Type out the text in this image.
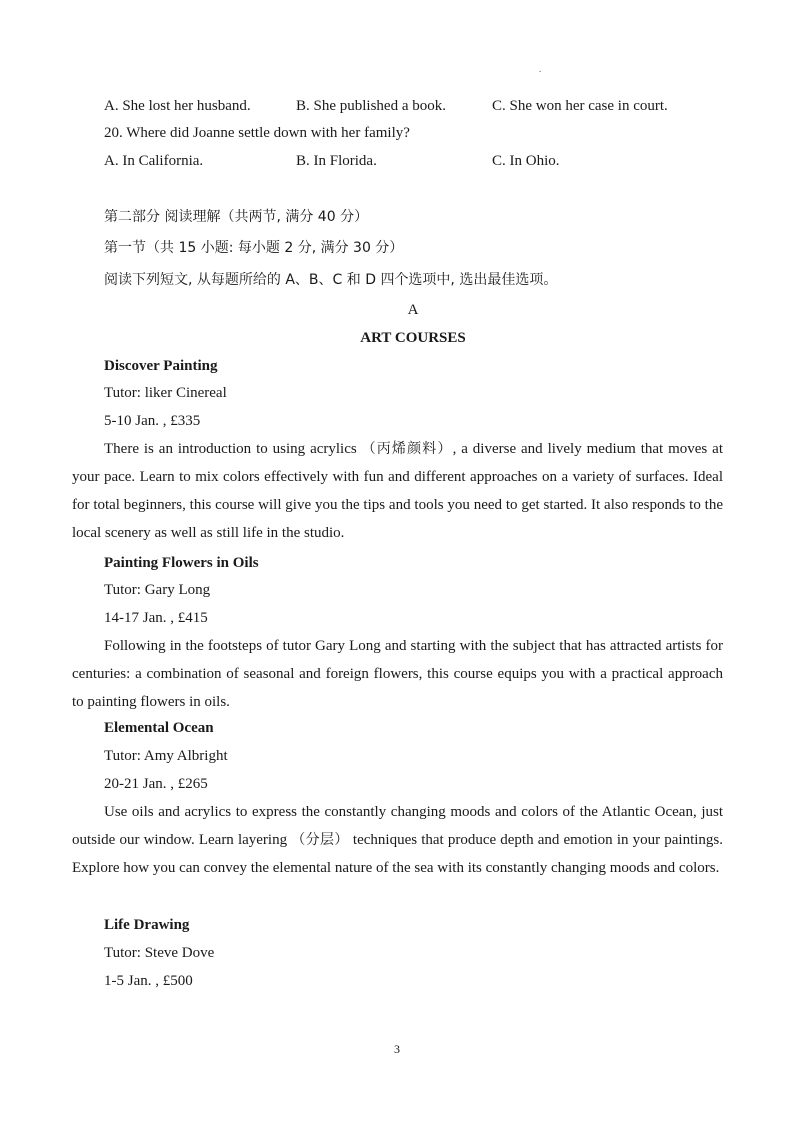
.
A. She lost her husband.	B. She published a book.	C. She won her case in court.
20. Where did Joanne settle down with her family?
A. In California.	B. In Florida.	C. In Ohio.
第二部分 阅读理解（共两节, 满分 40 分）
第一节（共 15 小题: 每小题 2 分, 满分 30 分）
阅读下列短文, 从每题所给的 A、B、C 和 D 四个选项中, 选出最佳选项。
A
ART COURSES
Discover Painting
Tutor: liker Cinereal
5-10 Jan. , £335
There is an introduction to using acrylics （丙烯颜料）, a diverse and lively medium that moves at your pace. Learn to mix colors effectively with fun and different approaches on a variety of surfaces. Ideal for total beginners, this course will give you the tips and tools you need to get started. It also responds to the local scenery as well as still life in the studio.
Painting Flowers in Oils
Tutor: Gary Long
14-17 Jan. , £415
Following in the footsteps of tutor Gary Long and starting with the subject that has attracted artists for centuries: a combination of seasonal and foreign flowers, this course equips you with a practical approach to painting flowers in oils.
Elemental Ocean
Tutor: Amy Albright
20-21 Jan. , £265
Use oils and acrylics to express the constantly changing moods and colors of the Atlantic Ocean, just outside our window. Learn layering （分层） techniques that produce depth and emotion in your paintings. Explore how you can convey the elemental nature of the sea with its constantly changing moods and colors.
Life Drawing
Tutor: Steve Dove
1-5 Jan. , £500
3
